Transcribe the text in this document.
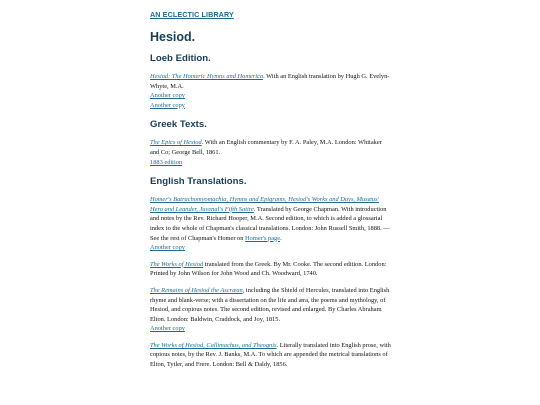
AN ECLECTIC LIBRARY
Hesiod.
Loeb Edition.

Hesiod: The Homeric Hymns and Homerica. With an English translation by Hugh G. Evelyn-Whyte, M.A.

Another copy
Another copy
Greek Texts.

The Epics of Hesiod. With an English commentary by F. A. Paley, M.A. London: Whitaker and Co; George Bell, 1861.

1883 edition
English Translations.

Homer's Batrachomyomachia, Hymns and Epigrams, Hesiod's Works and Days, Musæus' Hero and Leander, Juvenal's Fifth Satire. Translated by George Chapman. With introduction and notes by the Rev. Richard Hooper, M.A. Second edition, to which is added a glossarial index to the whole of Chapman's classical translations. London: John Russell Smith, 1888. —See the rest of Chapman's Homer on Homer's page.

Another copy

The Works of Hesiod translated from the Greek. By Mr. Cooke. The second edition. London: Printed by John Wilson for John Wood and Ch. Woodward, 1740.

The Remains of Hesiod the Ascræan, including the Shield of Hercules, translated into English rhyme and blank-verse; with a dissertation on the life and æra, the poems and mythology, of Hesiod, and copious notes. The second edition, revised and enlarged. By Charles Abraham Elton. London: Baldwin, Craddock, and Joy, 1815.

Another copy

The Works of Hesiod, Callimachus, and Theognis. Literally translated into English prose, with copious notes, by the Rev. J. Banks, M.A. To which are appended the metrical translations of Elton, Tytler, and Frere. London: Bell & Daldy, 1856.
